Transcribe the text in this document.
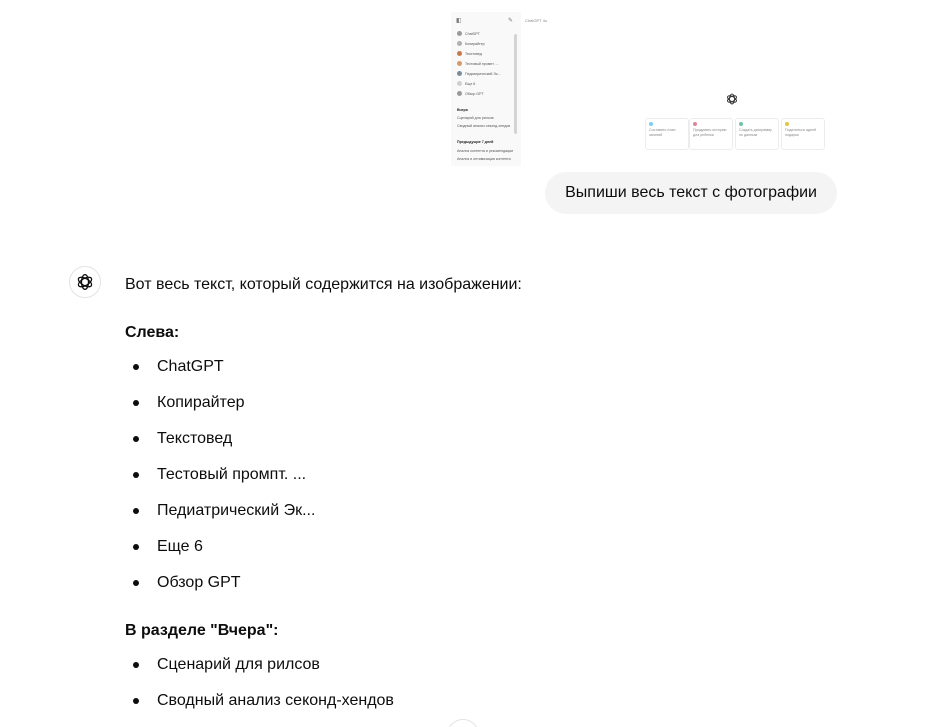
◧	✎	ChatGPT 4o
ChatGPT
Копирайтер
Текстовед
Тестовый промпт. ...
Педиатрический Эк...
Еще 6
Обзор GPT
Вчера
Сценарий для рилсов
Сводный анализ секонд-хендов
Предыдущие 7 дней
Анализ контента и рекомендации
Анализ и оптимизация контента
Составить план занятий
Придумать историю для ребенка
Создать диаграмму по данным
Поделиться идеей подарка
Выпиши весь текст с фотографии

Вот весь текст, который содержится на изображении:

Слева:

ChatGPT
Копирайтер
Текстовед
Тестовый промпт. ...
Педиатрический Эк...
Еще 6
Обзор GPT

В разделе "Вчера":

Сценарий для рилсов
Сводный анализ секонд-хендов
